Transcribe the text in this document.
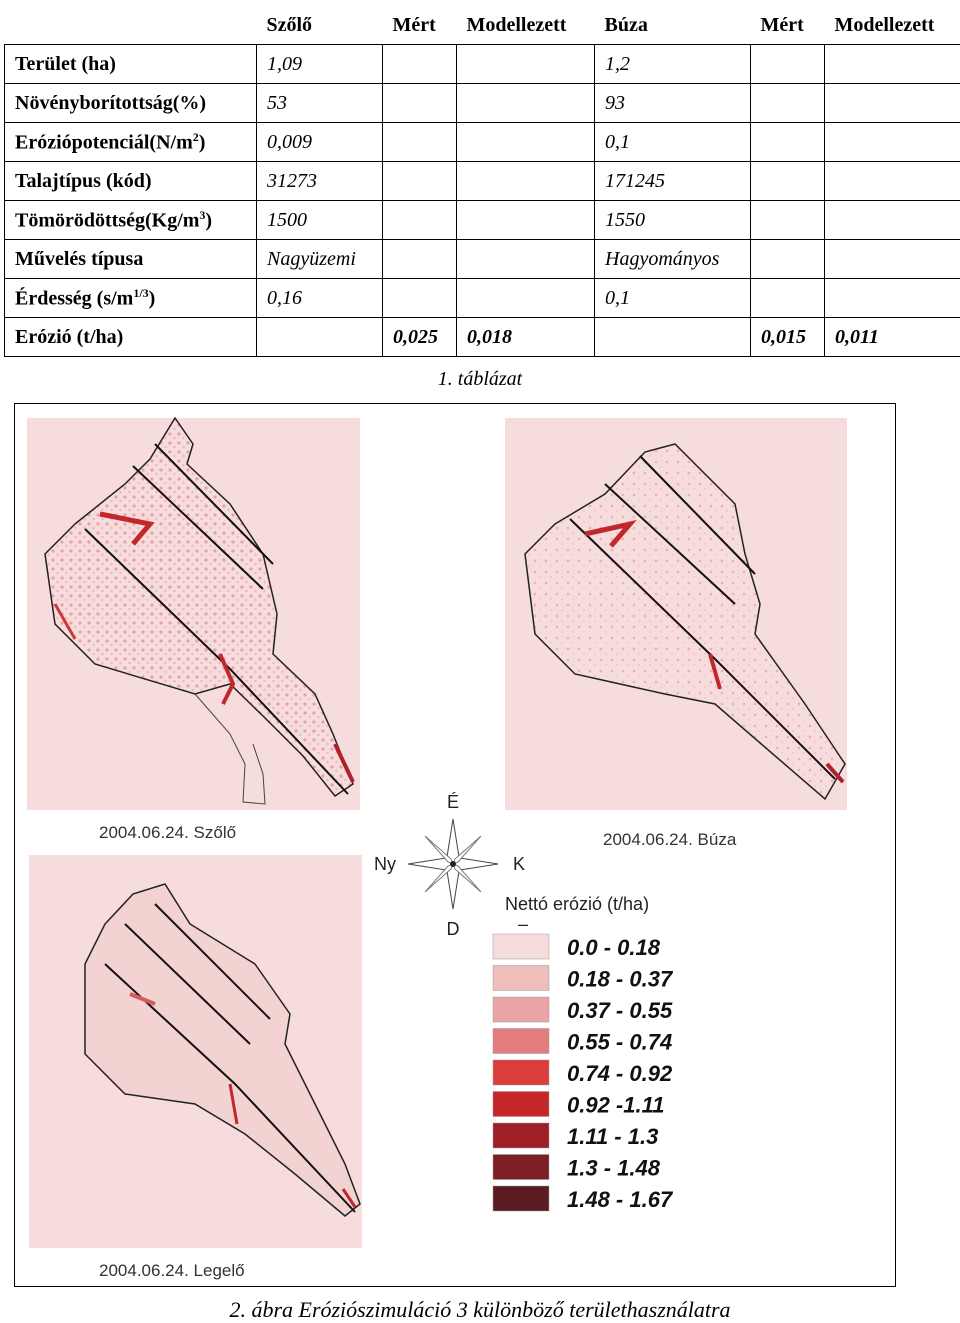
	Szőlő	Mért	Modellezett	Búza	Mért	Modellezett
Terület (ha)	1,09			1,2		
Növényborítottság(%)	53			93		
$Eróziópotenciál(N/m^2)$	0,009			0,1		
Talajtípus (kód)	31273			171245		
$Tömörödöttség(Kg/m^3)$	1500			1550		
Művelés típusa	Nagyüzemi			Hagyományos		
Érdesség $(s/m^{1/3})$	0,16			0,1		
Erózió (t/ha)		0,025	0,018		0,015	0,011
1. táblázat
2004.06.24. Szőlő	2004.06.24. Búza
2004.06.24. Legelő
É
D
Ny	K
Nettó erózió (t/ha)
–
0.0 - 0.18
0.18 - 0.37
0.37 - 0.55
0.55 - 0.74
0.74 - 0.92
0.92 -1.11
1.11 - 1.3
1.3 - 1.48
1.48 - 1.67
2. ábra Eróziószimuláció 3 különböző területhasználatra
